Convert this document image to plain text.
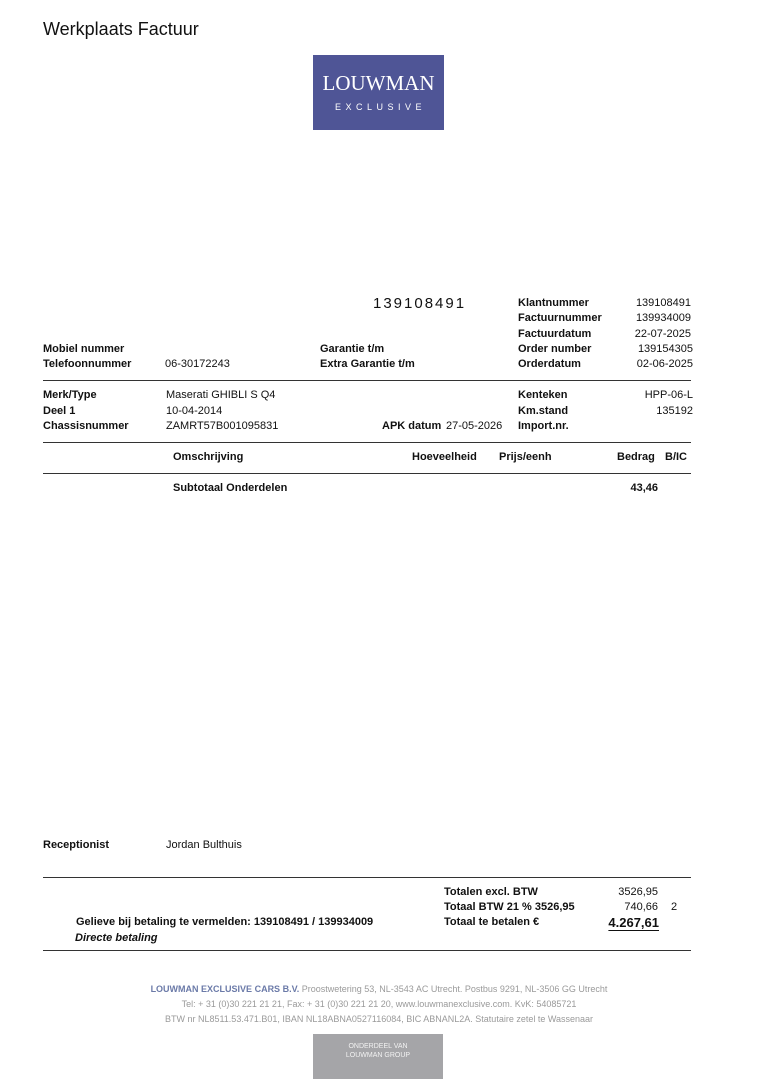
Werkplaats Factuur
LOUWMAN
EXCLUSIVE
139108491	Klantnummer	139108491
Factuurnummer	139934009
Factuurdatum	22-07-2025
Order number	139154305
Orderdatum	02-06-2025
Mobiel nummer
Telefoonnummer	06-30172243
Garantie t/m
Extra Garantie t/m
Merk/Type	Maserati GHIBLI S Q4
Deel 1	10-04-2014
Chassisnummer	ZAMRT57B001095831	APK datum 27-05-2026
Kenteken	HPP-06-L
Km.stand	135192
Import.nr.
Omschrijving	Hoeveelheid Prijs/eenh	Bedrag B/IC
Subtotaal Onderdelen	43,46
Receptionist	Jordan Bulthuis
Totalen excl. BTW	3526,95
Totaal BTW 21 % 3526,95	740,66 2
Totaal te betalen €	4.267,61
Gelieve bij betaling te vermelden: 139108491 / 139934009
Directe betaling
LOUWMAN EXCLUSIVE CARS B.V. Proostwetering 53, NL-3543 AC Utrecht. Postbus 9291, NL-3506 GG Utrecht
Tel: + 31 (0)30 221 21 21, Fax: + 31 (0)30 221 21 20, www.louwmanexclusive.com. KvK: 54085721
BTW nr NL8511.53.471.B01, IBAN NL18ABNA0527116084, BIC ABNANL2A. Statutaire zetel te Wassenaar
ONDERDEEL VAN
LOUWMAN GROUP
